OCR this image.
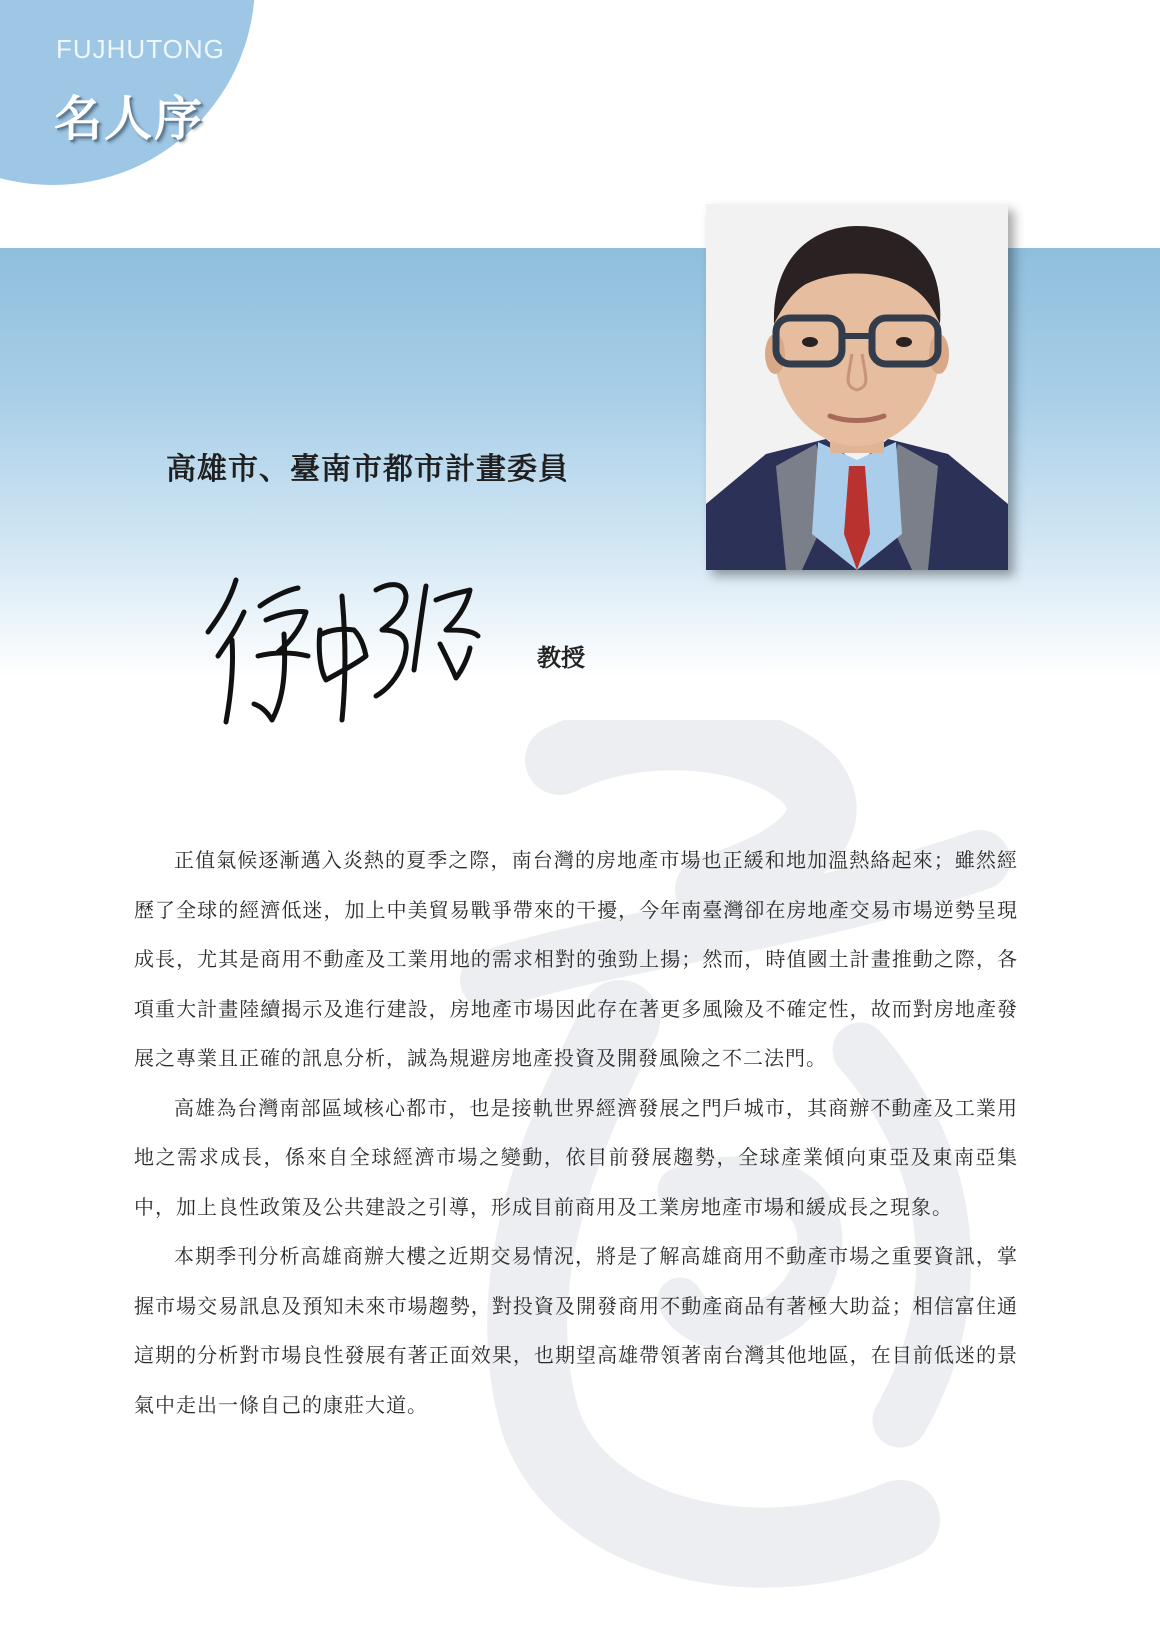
FUJHUTONG

名人序

高雄市、臺南市都市計畫委員

教授

正值氣候逐漸邁入炎熱的夏季之際，南台灣的房地產市場也正緩和地加溫熱絡起來；雖然經歷了全球的經濟低迷，加上中美貿易戰爭帶來的干擾，今年南臺灣卻在房地產交易市場逆勢呈現成長，尤其是商用不動產及工業用地的需求相對的強勁上揚；然而，時值國土計畫推動之際，各項重大計畫陸續揭示及進行建設，房地產市場因此存在著更多風險及不確定性，故而對房地產發展之專業且正確的訊息分析，誠為規避房地產投資及開發風險之不二法門。

高雄為台灣南部區域核心都市，也是接軌世界經濟發展之門戶城市，其商辦不動產及工業用地之需求成長，係來自全球經濟市場之變動，依目前發展趨勢，全球產業傾向東亞及東南亞集中，加上良性政策及公共建設之引導，形成目前商用及工業房地產市場和緩成長之現象。

本期季刊分析高雄商辦大樓之近期交易情況，將是了解高雄商用不動產市場之重要資訊，掌握市場交易訊息及預知未來市場趨勢，對投資及開發商用不動產商品有著極大助益；相信富住通這期的分析對市場良性發展有著正面效果，也期望高雄帶領著南台灣其他地區，在目前低迷的景氣中走出一條自己的康莊大道。
